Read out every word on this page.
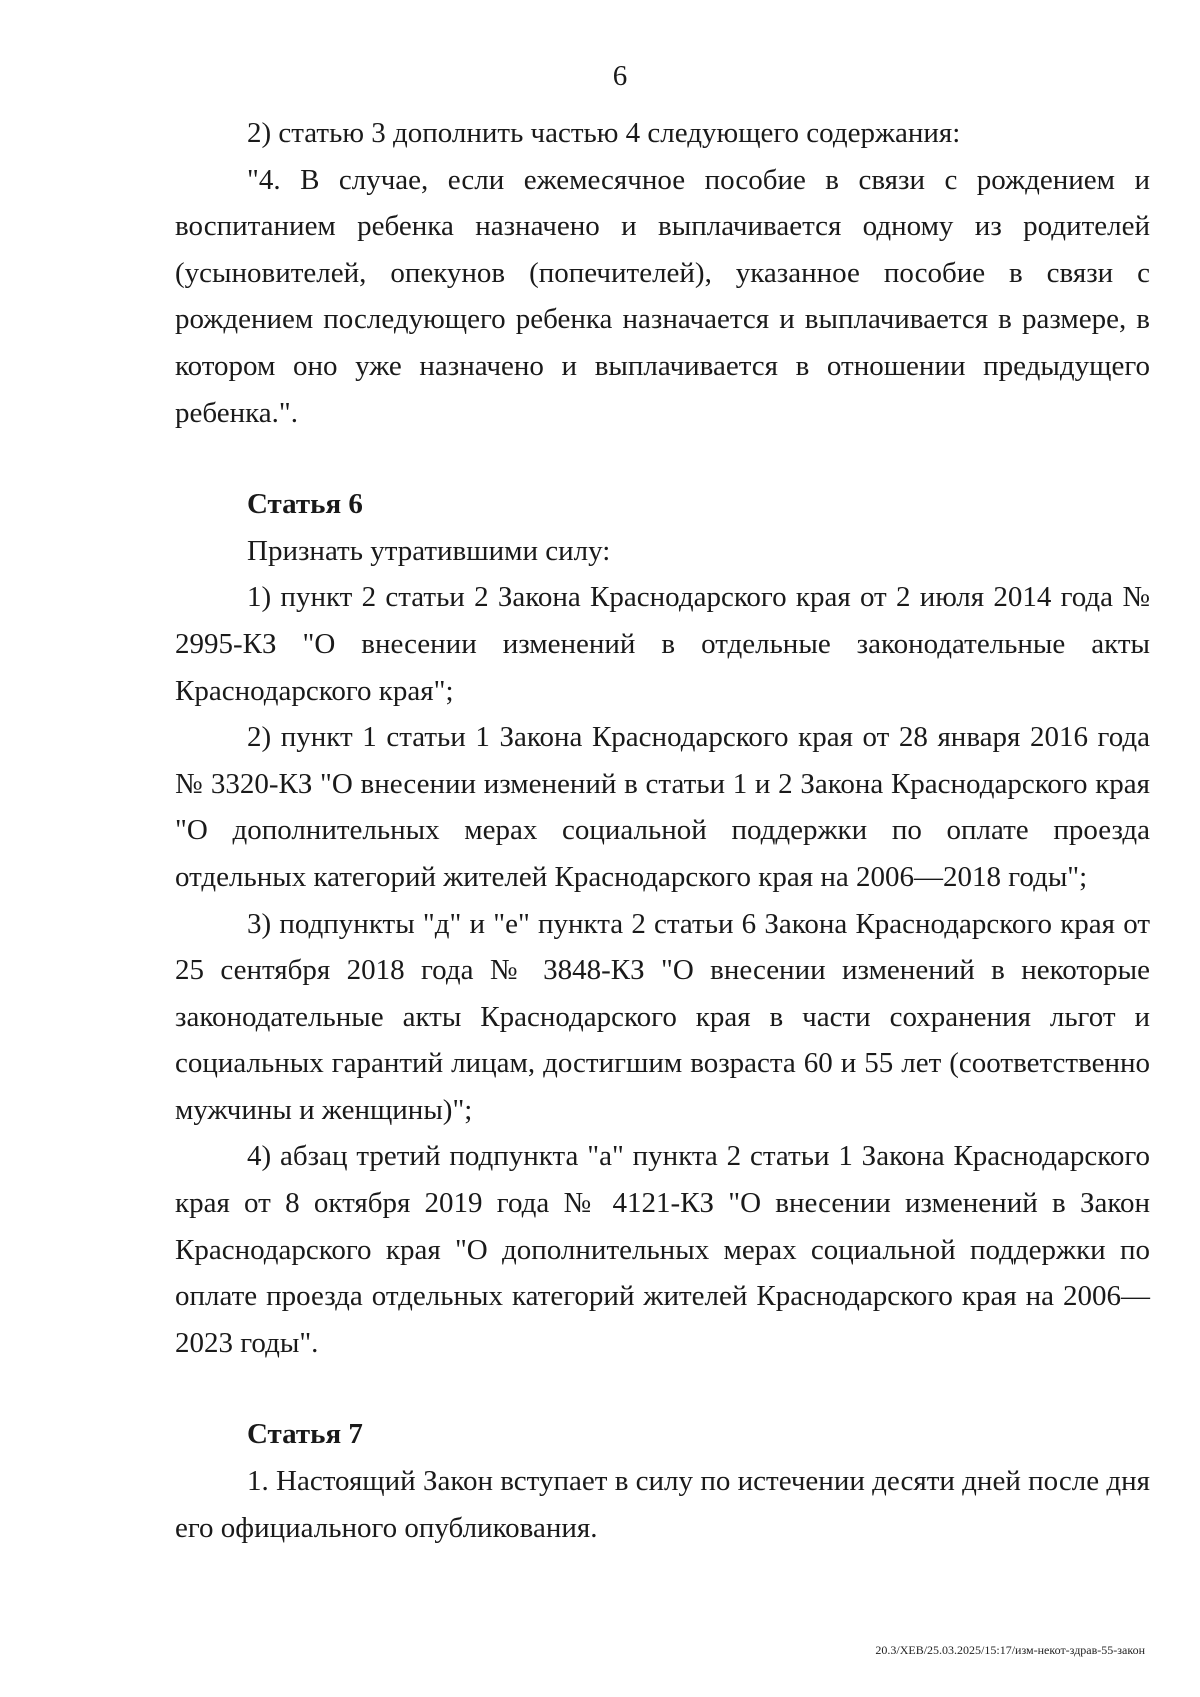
6

2) статью 3 дополнить частью 4 следующего содержания:

"4. В случае, если ежемесячное пособие в связи с рождением и воспитанием ребенка назначено и выплачивается одному из родителей (усыновителей, опекунов (попечителей), указанное пособие в связи с рождением последующего ребенка назначается и выплачивается в размере, в котором оно уже назначено и выплачивается в отношении предыдущего ребенка.".

Статья 6

Признать утратившими силу:

1) пункт 2 статьи 2 Закона Краснодарского края от 2 июля 2014 года № 2995-КЗ "О внесении изменений в отдельные законодательные акты Краснодарского края";

2) пункт 1 статьи 1 Закона Краснодарского края от 28 января 2016 года № 3320-КЗ "О внесении изменений в статьи 1 и 2 Закона Краснодарского края "О дополнительных мерах социальной поддержки по оплате проезда отдельных категорий жителей Краснодарского края на 2006—2018 годы";

3) подпункты "д" и "е" пункта 2 статьи 6 Закона Краснодарского края от 25 сентября 2018 года № 3848-КЗ "О внесении изменений в некоторые законодательные акты Краснодарского края в части сохранения льгот и социальных гарантий лицам, достигшим возраста 60 и 55 лет (соответственно мужчины и женщины)";

4) абзац третий подпункта "а" пункта 2 статьи 1 Закона Краснодарского края от 8 октября 2019 года № 4121-КЗ "О внесении изменений в Закон Краснодарского края "О дополнительных мерах социальной поддержки по оплате проезда отдельных категорий жителей Краснодарского края на 2006—2023 годы".

Статья 7

1. Настоящий Закон вступает в силу по истечении десяти дней после дня его официального опубликования.

20.3/ХЕВ/25.03.2025/15:17/изм-некот-здрав-55-закон
